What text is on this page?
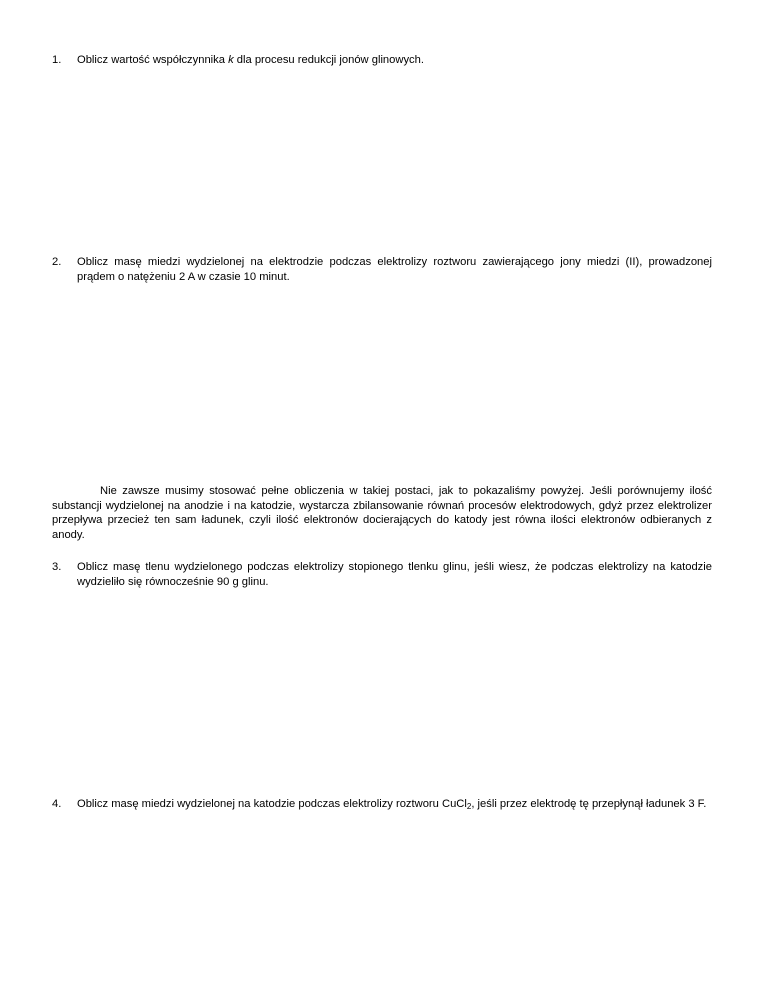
1. Oblicz wartość współczynnika k dla procesu redukcji jonów glinowych.
2. Oblicz masę miedzi wydzielonej na elektrodzie podczas elektrolizy roztworu zawierającego jony miedzi (II), prowadzonej prądem o natężeniu 2 A w czasie 10 minut.
Nie zawsze musimy stosować pełne obliczenia w takiej postaci, jak to pokazaliśmy powyżej. Jeśli porównujemy ilość substancji wydzielonej na anodzie i na katodzie, wystarcza zbilansowanie równań procesów elektrodowych, gdyż przez elektrolizer przepływa przecież ten sam ładunek, czyli ilość elektronów docierających do katody jest równa ilości elektronów odbieranych z anody.
3. Oblicz masę tlenu wydzielonego podczas elektrolizy stopionego tlenku glinu, jeśli wiesz, że podczas elektrolizy na katodzie wydzieliło się równocześnie 90 g glinu.
4. Oblicz masę miedzi wydzielonej na katodzie podczas elektrolizy roztworu CuCl$_2$, jeśli przez elektrodę tę przepłynął ładunek 3 F.
